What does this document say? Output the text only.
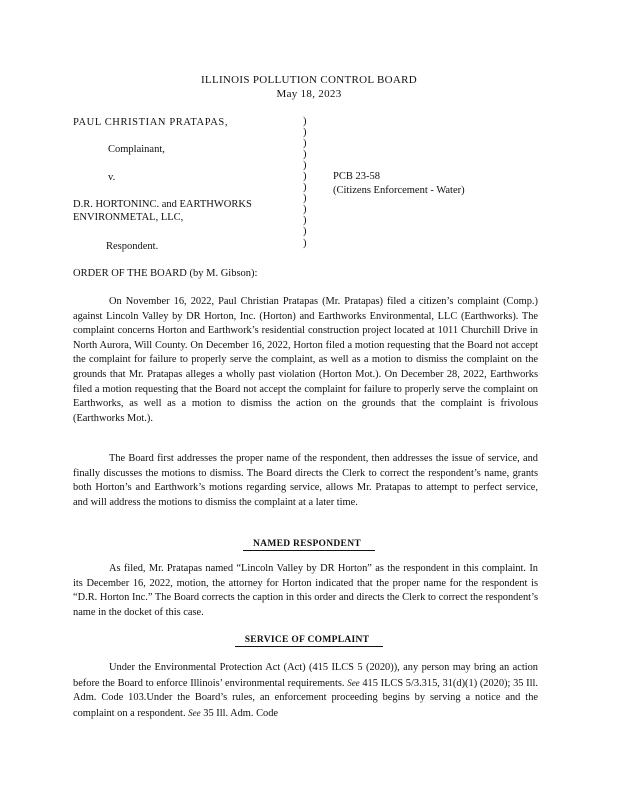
ILLINOIS POLLUTION CONTROL BOARD
May 18, 2023
PAUL CHRISTIAN PRATAPAS,
Complainant,
v.
D.R. HORTONINC. and EARTHWORKS
ENVIRONMETAL, LLC,
Respondent.
PCB 23-58
(Citizens Enforcement - Water)
)
)
)
)
)
)
)
)
)
)
)
)
ORDER OF THE BOARD (by M. Gibson):
On November 16, 2022, Paul Christian Pratapas (Mr. Pratapas) filed a citizen’s complaint (Comp.) against Lincoln Valley by DR Horton, Inc. (Horton) and Earthworks Environmental, LLC (Earthworks). The complaint concerns Horton and Earthwork’s residential construction project located at 1011 Churchill Drive in North Aurora, Will County. On December 16, 2022, Horton filed a motion requesting that the Board not accept the complaint for failure to properly serve the complaint, as well as a motion to dismiss the complaint on the grounds that Mr. Pratapas alleges a wholly past violation (Horton Mot.). On December 28, 2022, Earthworks filed a motion requesting that the Board not accept the complaint for failure to properly serve the complaint on Earthworks, as well as a motion to dismiss the action on the grounds that the complaint is frivolous (Earthworks Mot.).
The Board first addresses the proper name of the respondent, then addresses the issue of service, and finally discusses the motions to dismiss. The Board directs the Clerk to correct the respondent’s name, grants both Horton’s and Earthwork’s motions regarding service, allows Mr. Pratapas to attempt to perfect service, and will address the motions to dismiss the complaint at a later time.
NAMED RESPONDENT
As filed, Mr. Pratapas named “Lincoln Valley by DR Horton” as the respondent in this complaint. In its December 16, 2022, motion, the attorney for Horton indicated that the proper name for the respondent is “D.R. Horton Inc.” The Board corrects the caption in this order and directs the Clerk to correct the respondent’s name in the docket of this case.
SERVICE OF COMPLAINT
Under the Environmental Protection Act (Act) (415 ILCS 5 (2020)), any person may bring an action before the Board to enforce Illinois’ environmental requirements. See 415 ILCS 5/3.315, 31(d)(1) (2020); 35 Ill. Adm. Code 103.Under the Board’s rules, an enforcement proceeding begins by serving a notice and the complaint on a respondent. See 35 Ill. Adm. Code
